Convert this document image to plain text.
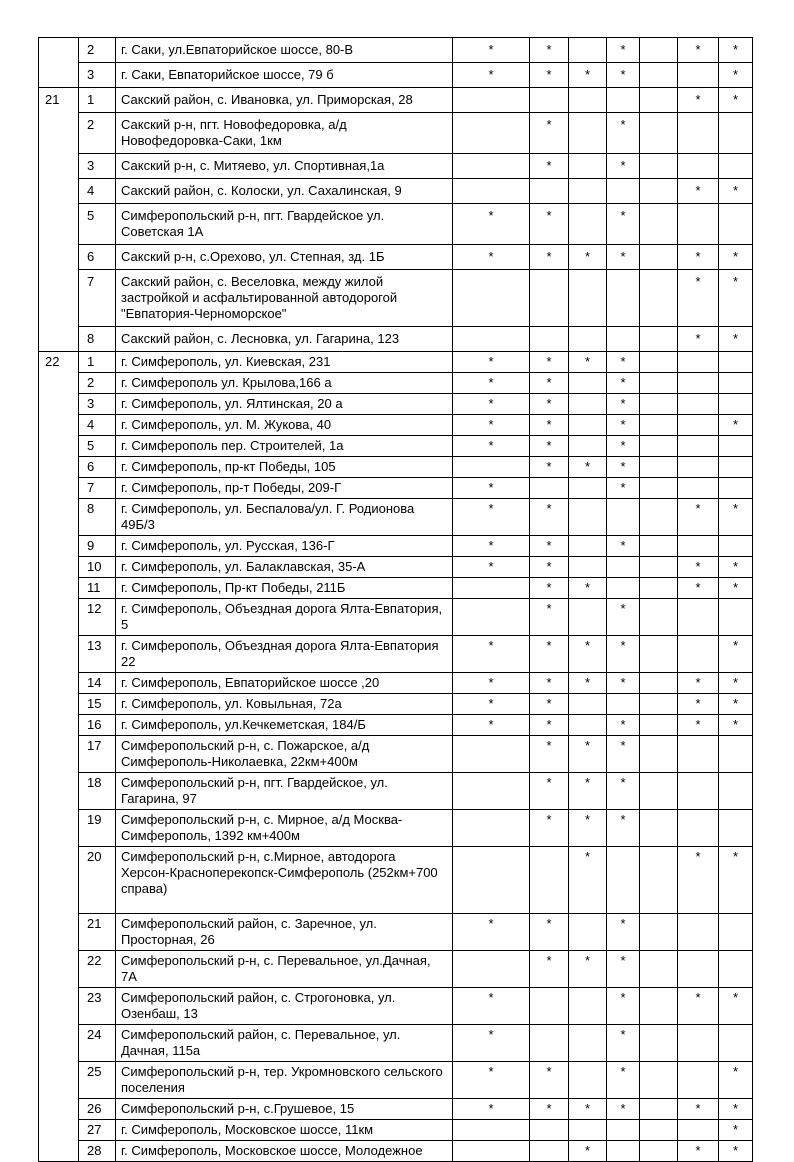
	2	г. Саки, ул.Евпаторийское шоссе, 80-В	*	*		*		*	*
	3	г. Саки, Евпаторийское шоссе, 79 б	*	*	*	*			*
21	1	Сакский район, с. Ивановка, ул. Приморская, 28						*	*
	2	Сакский р-н, пгт. Новофедоровка, а/д Новофедоровка-Саки, 1км		*		*			
	3	Сакский р-н, с. Митяево, ул. Спортивная,1а		*		*			
	4	Сакский район, с. Колоски, ул. Сахалинская, 9						*	*
	5	Симферопольский р-н, пгт. Гвардейское ул. Советская 1А	*	*		*			
	6	Сакский р-н, с.Орехово, ул. Степная, зд. 1Б	*	*	*	*		*	*
	7	Сакский район, с. Веселовка, между жилой застройкой и асфальтированной автодорогой "Евпатория-Черноморское"						*	*
	8	Сакский район, с. Лесновка, ул. Гагарина, 123						*	*
22	1	г. Симферополь, ул. Киевская, 231	*	*	*	*			
	2	г. Симферополь ул. Крылова,166 а	*	*		*			
	3	г. Симферополь, ул. Ялтинская, 20 а	*	*		*			
	4	г. Симферополь, ул. М. Жукова, 40	*	*		*			*
	5	г. Симферополь пер. Строителей, 1а	*	*		*			
	6	г. Симферополь, пр-кт Победы, 105		*	*	*			
	7	г. Симферополь, пр-т Победы, 209-Г	*			*			
	8	г. Симферополь, ул. Беспалова/ул. Г. Родионова 49Б/3	*	*				*	*
	9	г. Симферополь, ул. Русская, 136-Г	*	*		*			
	10	г. Симферополь, ул. Балаклавская, 35-А	*	*				*	*
	11	г. Симферополь, Пр-кт Победы, 211Б		*	*			*	*
	12	г. Симферополь, Объездная дорога Ялта-Евпатория, 5		*		*			
	13	г. Симферополь, Объездная дорога Ялта-Евпатория 22	*	*	*	*			*
	14	г. Симферополь, Евпаторийское шоссе ,20	*	*	*	*		*	*
	15	г. Симферополь, ул. Ковыльная, 72а	*	*				*	*
	16	г. Симферополь, ул.Кечкеметская, 184/Б	*	*		*		*	*
	17	Симферопольский р-н, с. Пожарское, а/д Симферополь-Николаевка, 22км+400м		*	*	*			
	18	Симферопольский р-н, пгт. Гвардейское, ул. Гагарина, 97		*	*	*			
	19	Симферопольский р-н, с. Мирное, а/д Москва-Симферополь, 1392 км+400м		*	*	*			
	20	Симферопольский р-н, с.Мирное, автодорога Херсон-Красноперекопск-Симферополь (252км+700 справа)			*			*	*
	21	Симферопольский район, с. Заречное, ул. Просторная, 26	*	*		*			
	22	Симферопольский р-н, с. Перевальное, ул.Дачная, 7А		*	*	*			
	23	Симферопольский район, с. Строгоновка, ул. Озенбаш, 13	*			*		*	*
	24	Симферопольский район, с. Перевальное, ул. Дачная, 115а	*			*			
	25	Симферопольский р-н, тер. Укромновского сельского поселения	*	*		*			*
	26	Симферопольский р-н, с.Грушевое, 15	*	*	*	*		*	*
	27	г. Симферополь, Московское шоссе, 11км							*
	28	г. Симферополь, Московское шоссе, Молодежное			*			*	*
